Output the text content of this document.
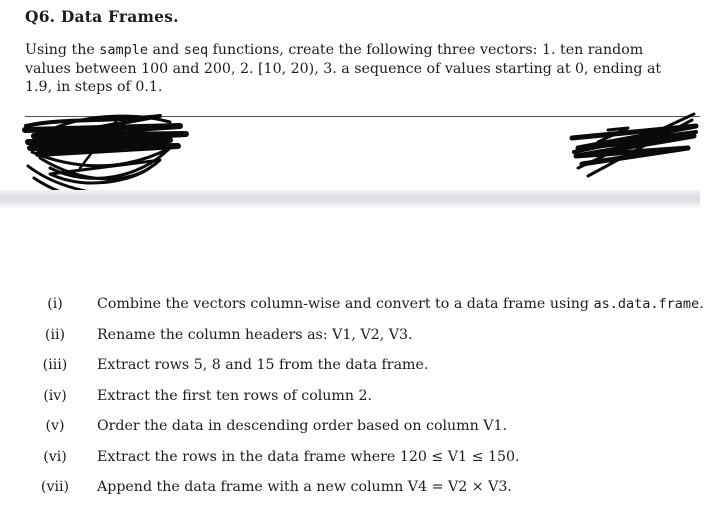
Q6. Data Frames.
Using the sample and seq functions, create the following three vectors: 1. ten random values between 100 and 200, 2. [10, 20), 3. a sequence of values starting at 0, ending at 1.9, in steps of 0.1.
(i)	Combine the vectors column-wise and convert to a data frame using as.data.frame.
(ii)	Rename the column headers as: V1, V2, V3.
(iii)	Extract rows 5, 8 and 15 from the data frame.
(iv)	Extract the first ten rows of column 2.
(v)	Order the data in descending order based on column V1.
(vi)	Extract the rows in the data frame where 120 ≤ V1 ≤ 150.
(vii)	Append the data frame with a new column V4 = V2 × V3.
